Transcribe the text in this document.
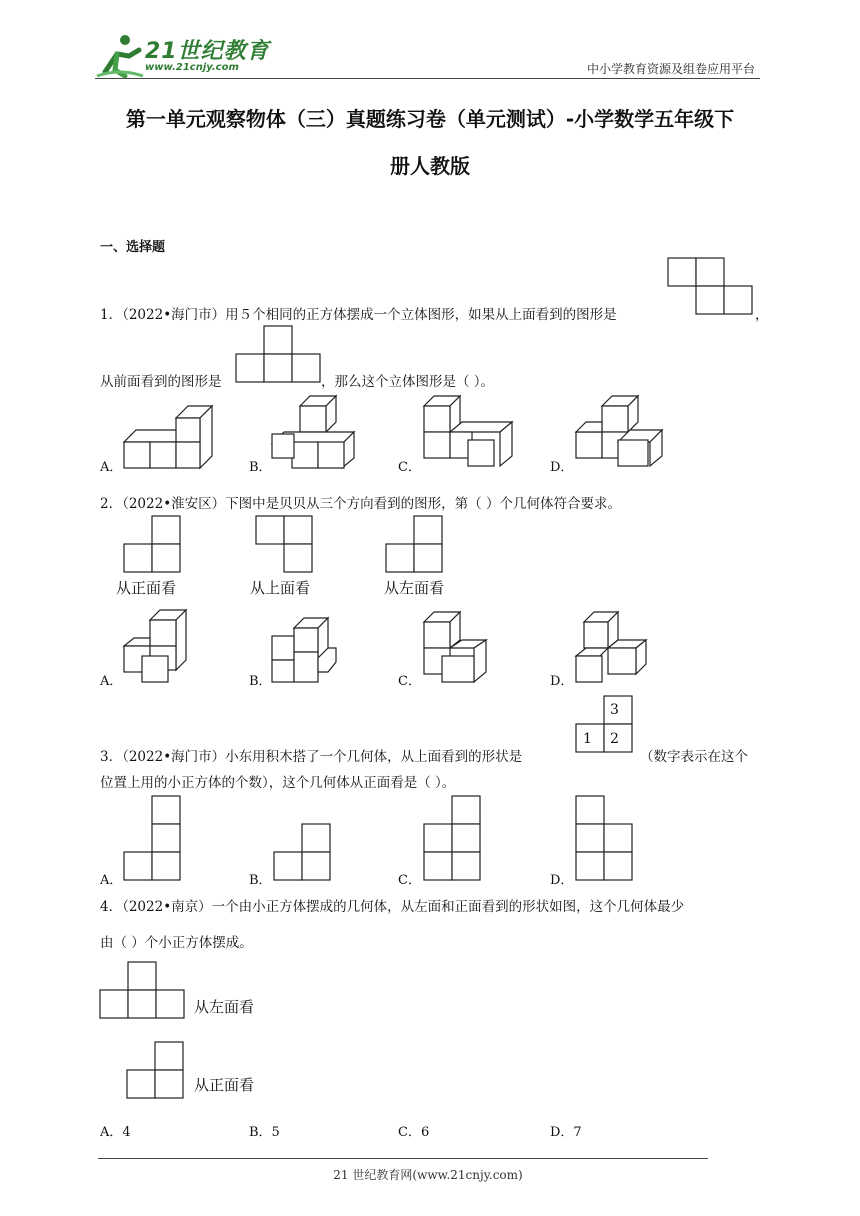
21世纪教育
www.21cnjy.com	中小学教育资源及组卷应用平台
第一单元观察物体（三）真题练习卷（单元测试）-小学数学五年级下
册人教版
一、选择题
1．（2022•海门市）用５个相同的正方体摆成一个立体图形，如果从上面看到的图形是	，
从前面看到的图形是	，那么这个立体图形是（ ）。
A．	B．	C．	D．
2．（2022•淮安区）下图中是贝贝从三个方向看到的图形，第（ ）个几何体符合要求。
从正面看	从上面看	从左面看
A．	B．	C．	D．
3．（2022•海门市）小东用积木搭了一个几何体，从上面看到的形状是
3
1 2
（数字表示在这个
位置上用的小正方体的个数），这个几何体从正面看是（ ）。
A．	B．	C．	D．
4．（2022•南京）一个由小正方体摆成的几何体，从左面和正面看到的形状如图，这个几何体最少
由（ ）个小正方体摆成。
从左面看
从正面看
A．4	B．5	C．6	D．7
21 世纪教育网(www.21cnjy.com)
